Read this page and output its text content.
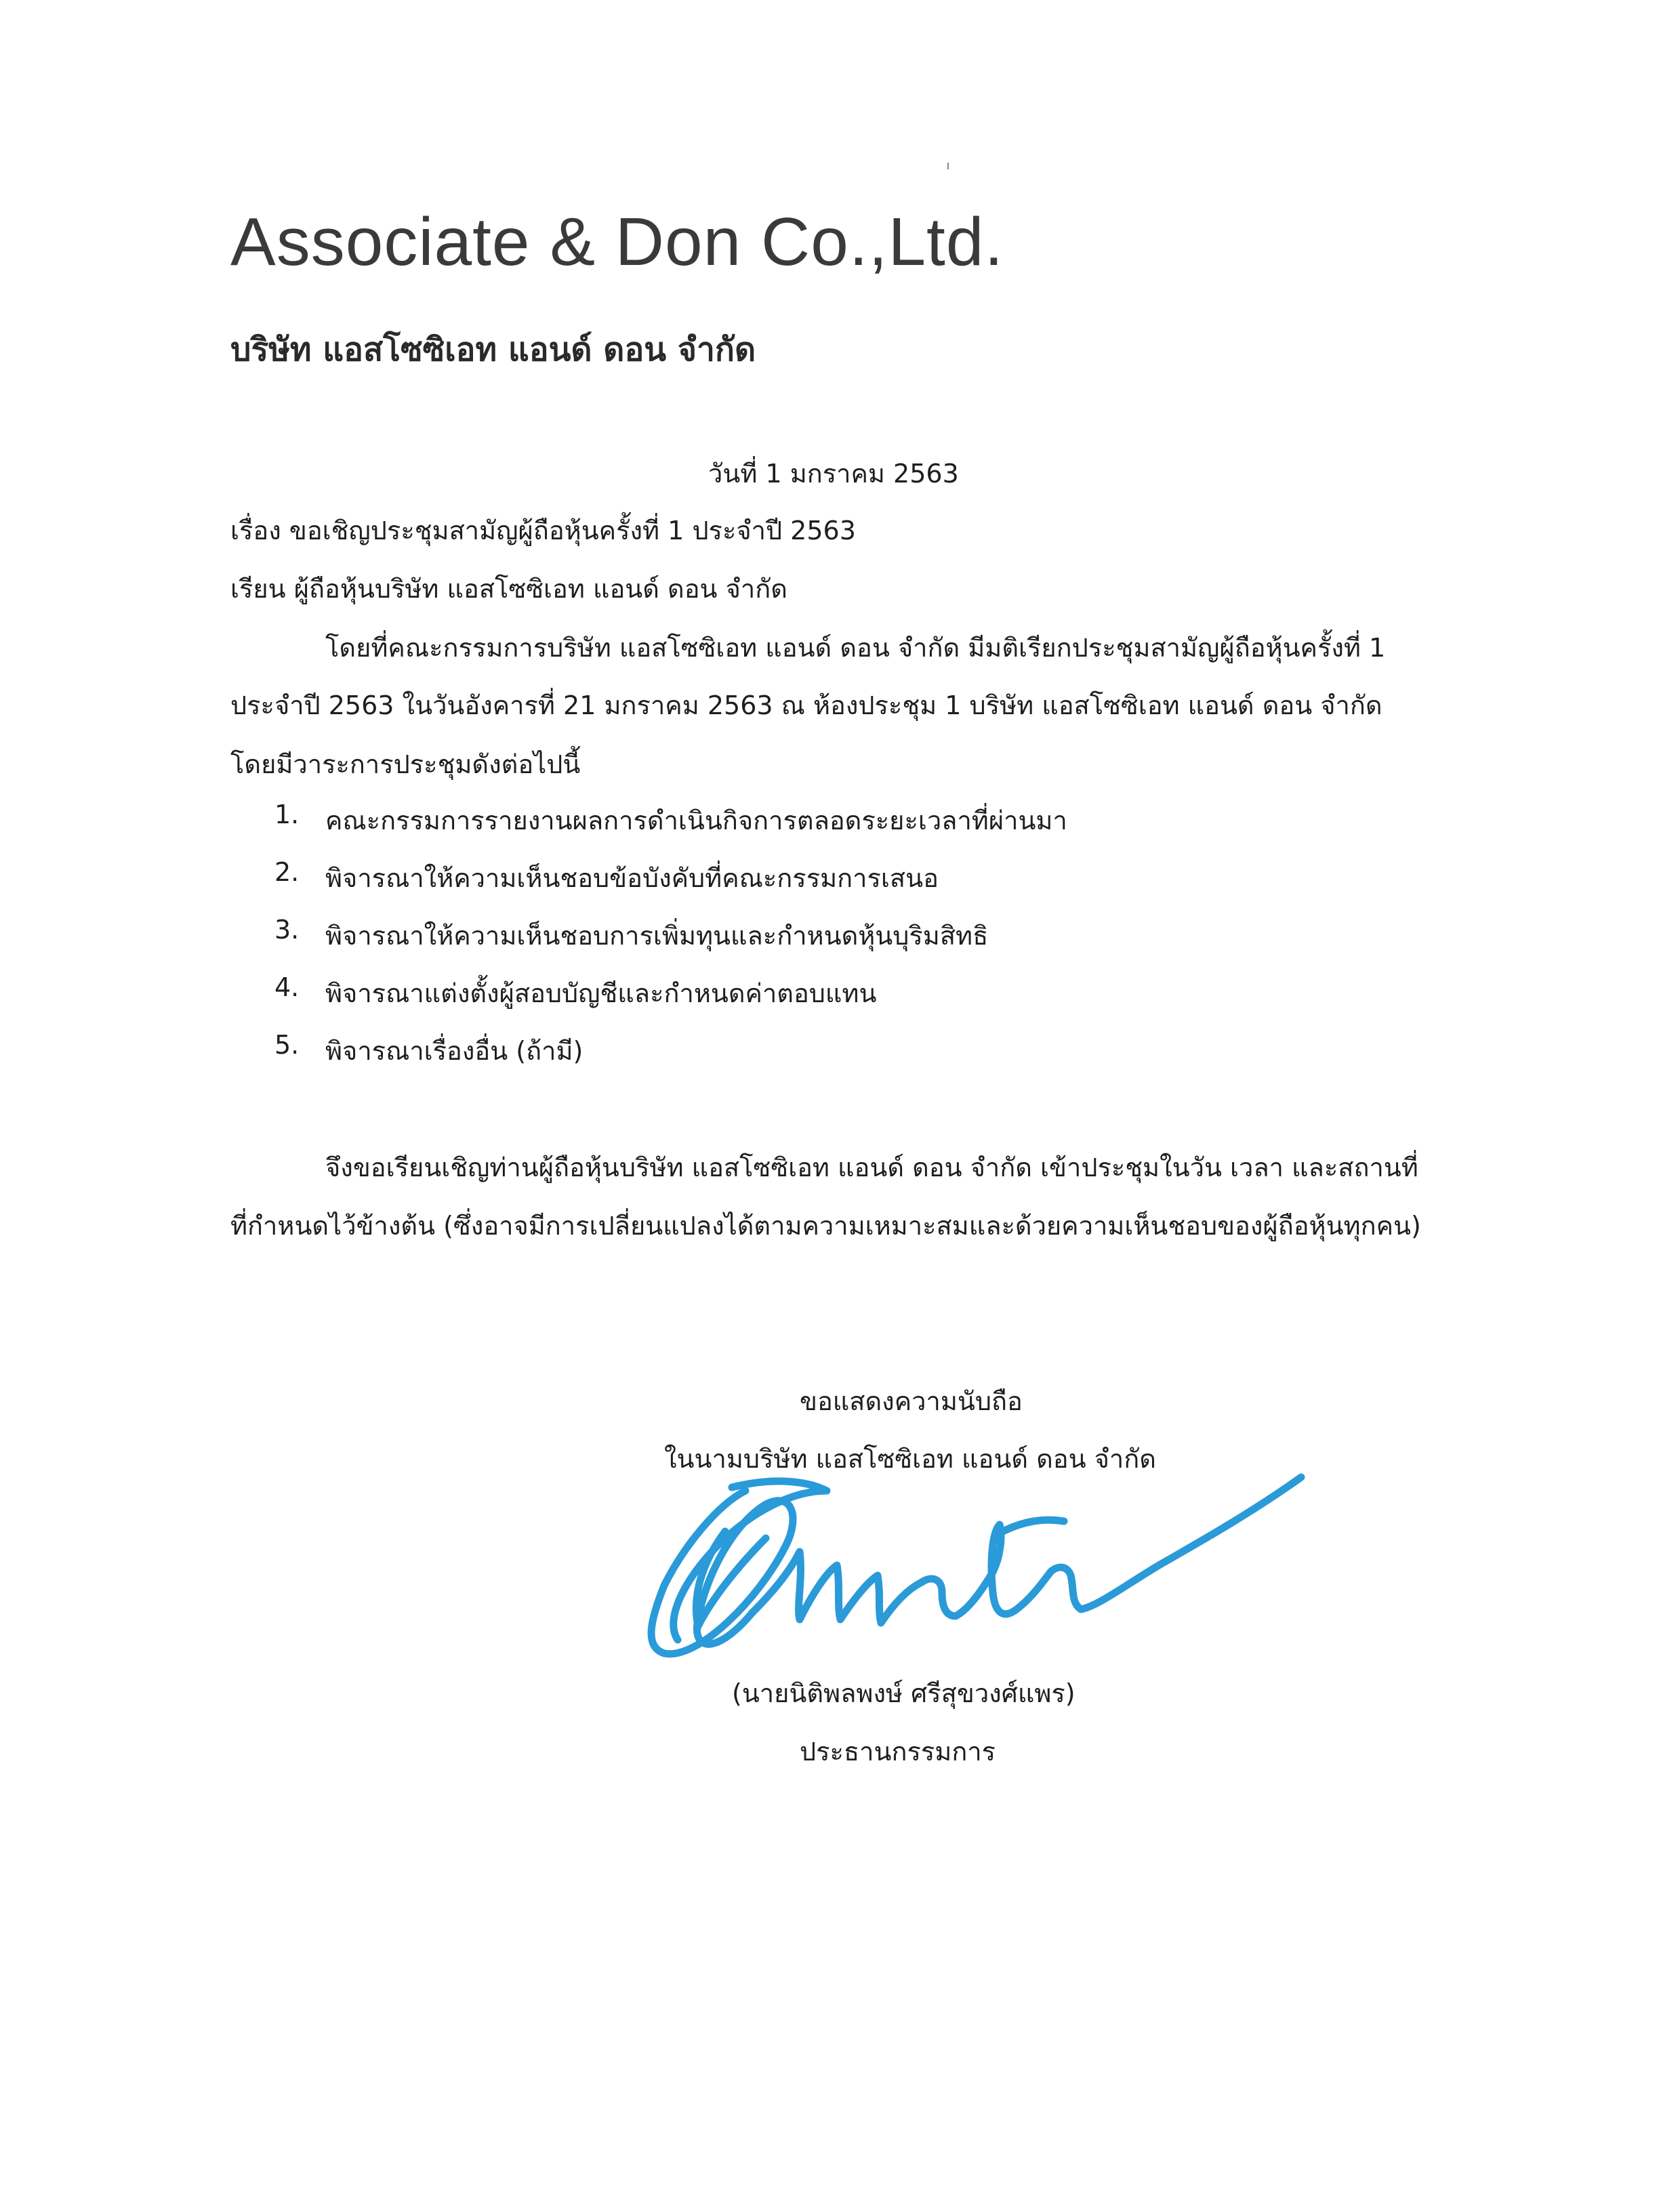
Associate & Don Co.,Ltd.
บริษัท แอสโซซิเอท แอนด์ ดอน จำกัด
วันที่ 1 มกราคม 2563
เรื่อง ขอเชิญประชุมสามัญผู้ถือหุ้นครั้งที่ 1 ประจำปี 2563
เรียน ผู้ถือหุ้นบริษัท แอสโซซิเอท แอนด์ ดอน จำกัด
โดยที่คณะกรรมการบริษัท แอสโซซิเอท แอนด์ ดอน จำกัด มีมติเรียกประชุมสามัญผู้ถือหุ้นครั้งที่ 1
ประจำปี 2563 ในวันอังคารที่ 21 มกราคม 2563 ณ ห้องประชุม 1 บริษัท แอสโซซิเอท แอนด์ ดอน จำกัด
โดยมีวาระการประชุมดังต่อไปนี้
1.	คณะกรรมการรายงานผลการดำเนินกิจการตลอดระยะเวลาที่ผ่านมา
2.	พิจารณาให้ความเห็นชอบข้อบังคับที่คณะกรรมการเสนอ
3.	พิจารณาให้ความเห็นชอบการเพิ่มทุนและกำหนดหุ้นบุริมสิทธิ
4.	พิจารณาแต่งตั้งผู้สอบบัญชีและกำหนดค่าตอบแทน
5.	พิจารณาเรื่องอื่น (ถ้ามี)
จึงขอเรียนเชิญท่านผู้ถือหุ้นบริษัท แอสโซซิเอท แอนด์ ดอน จำกัด เข้าประชุมในวัน เวลา และสถานที่
ที่กำหนดไว้ข้างต้น (ซึ่งอาจมีการเปลี่ยนแปลงได้ตามความเหมาะสมและด้วยความเห็นชอบของผู้ถือหุ้นทุกคน)
ขอแสดงความนับถือ
ในนามบริษัท แอสโซซิเอท แอนด์ ดอน จำกัด
(นายนิติพลพงษ์ ศรีสุขวงศ์แพร)
ประธานกรรมการ
